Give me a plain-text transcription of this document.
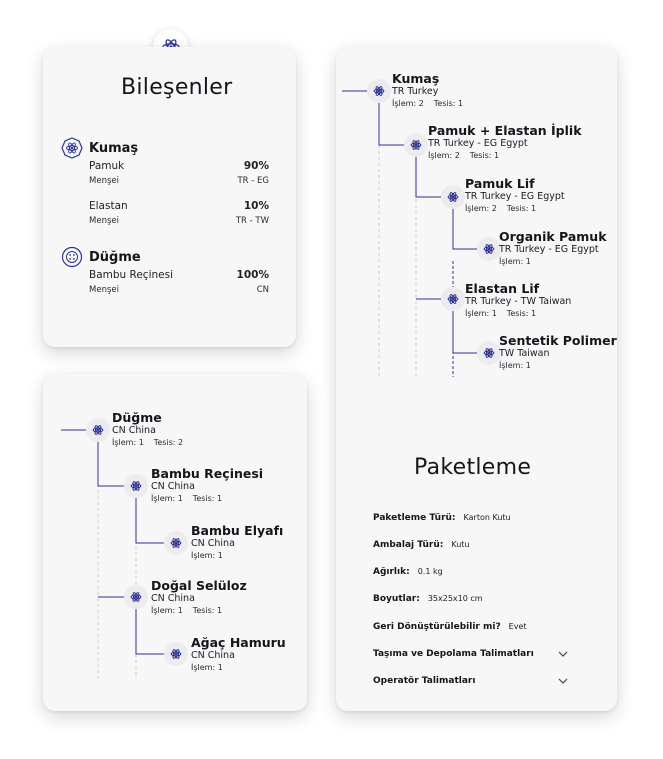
Bileşenler
Kumaş
Pamuk	90%
Menşei	TR - EG
Elastan	10%
Menşei	TR - TW
Düğme
Bambu Reçinesi	100%
Menşei	CN
Düğme
CN China
İşlem: 1 Tesis: 2
Bambu Reçinesi
CN China
İşlem: 1 Tesis: 1
Bambu Elyafı
CN China
İşlem: 1
Doğal Selüloz
CN China
İşlem: 1 Tesis: 1
Ağaç Hamuru
CN China
İşlem: 1
Kumaş
TR Turkey
İşlem: 2 Tesis: 1
Pamuk + Elastan İplik
TR Turkey - EG Egypt
İşlem: 2 Tesis: 1
Pamuk Lif
TR Turkey - EG Egypt
İşlem: 2 Tesis: 1
Organik Pamuk
TR Turkey - EG Egypt
İşlem: 1
Elastan Lif
TR Turkey - TW Taiwan
İşlem: 1 Tesis: 1
Sentetik Polimer
TW Taiwan
İşlem: 1
Paketleme
Paketleme Türü: Karton Kutu
Ambalaj Türü: Kutu
Ağırlık: 0.1 kg
Boyutlar: 35x25x10 cm
Geri Dönüştürülebilir mi? Evet
Taşıma ve Depolama Talimatları
Operatör Talimatları
